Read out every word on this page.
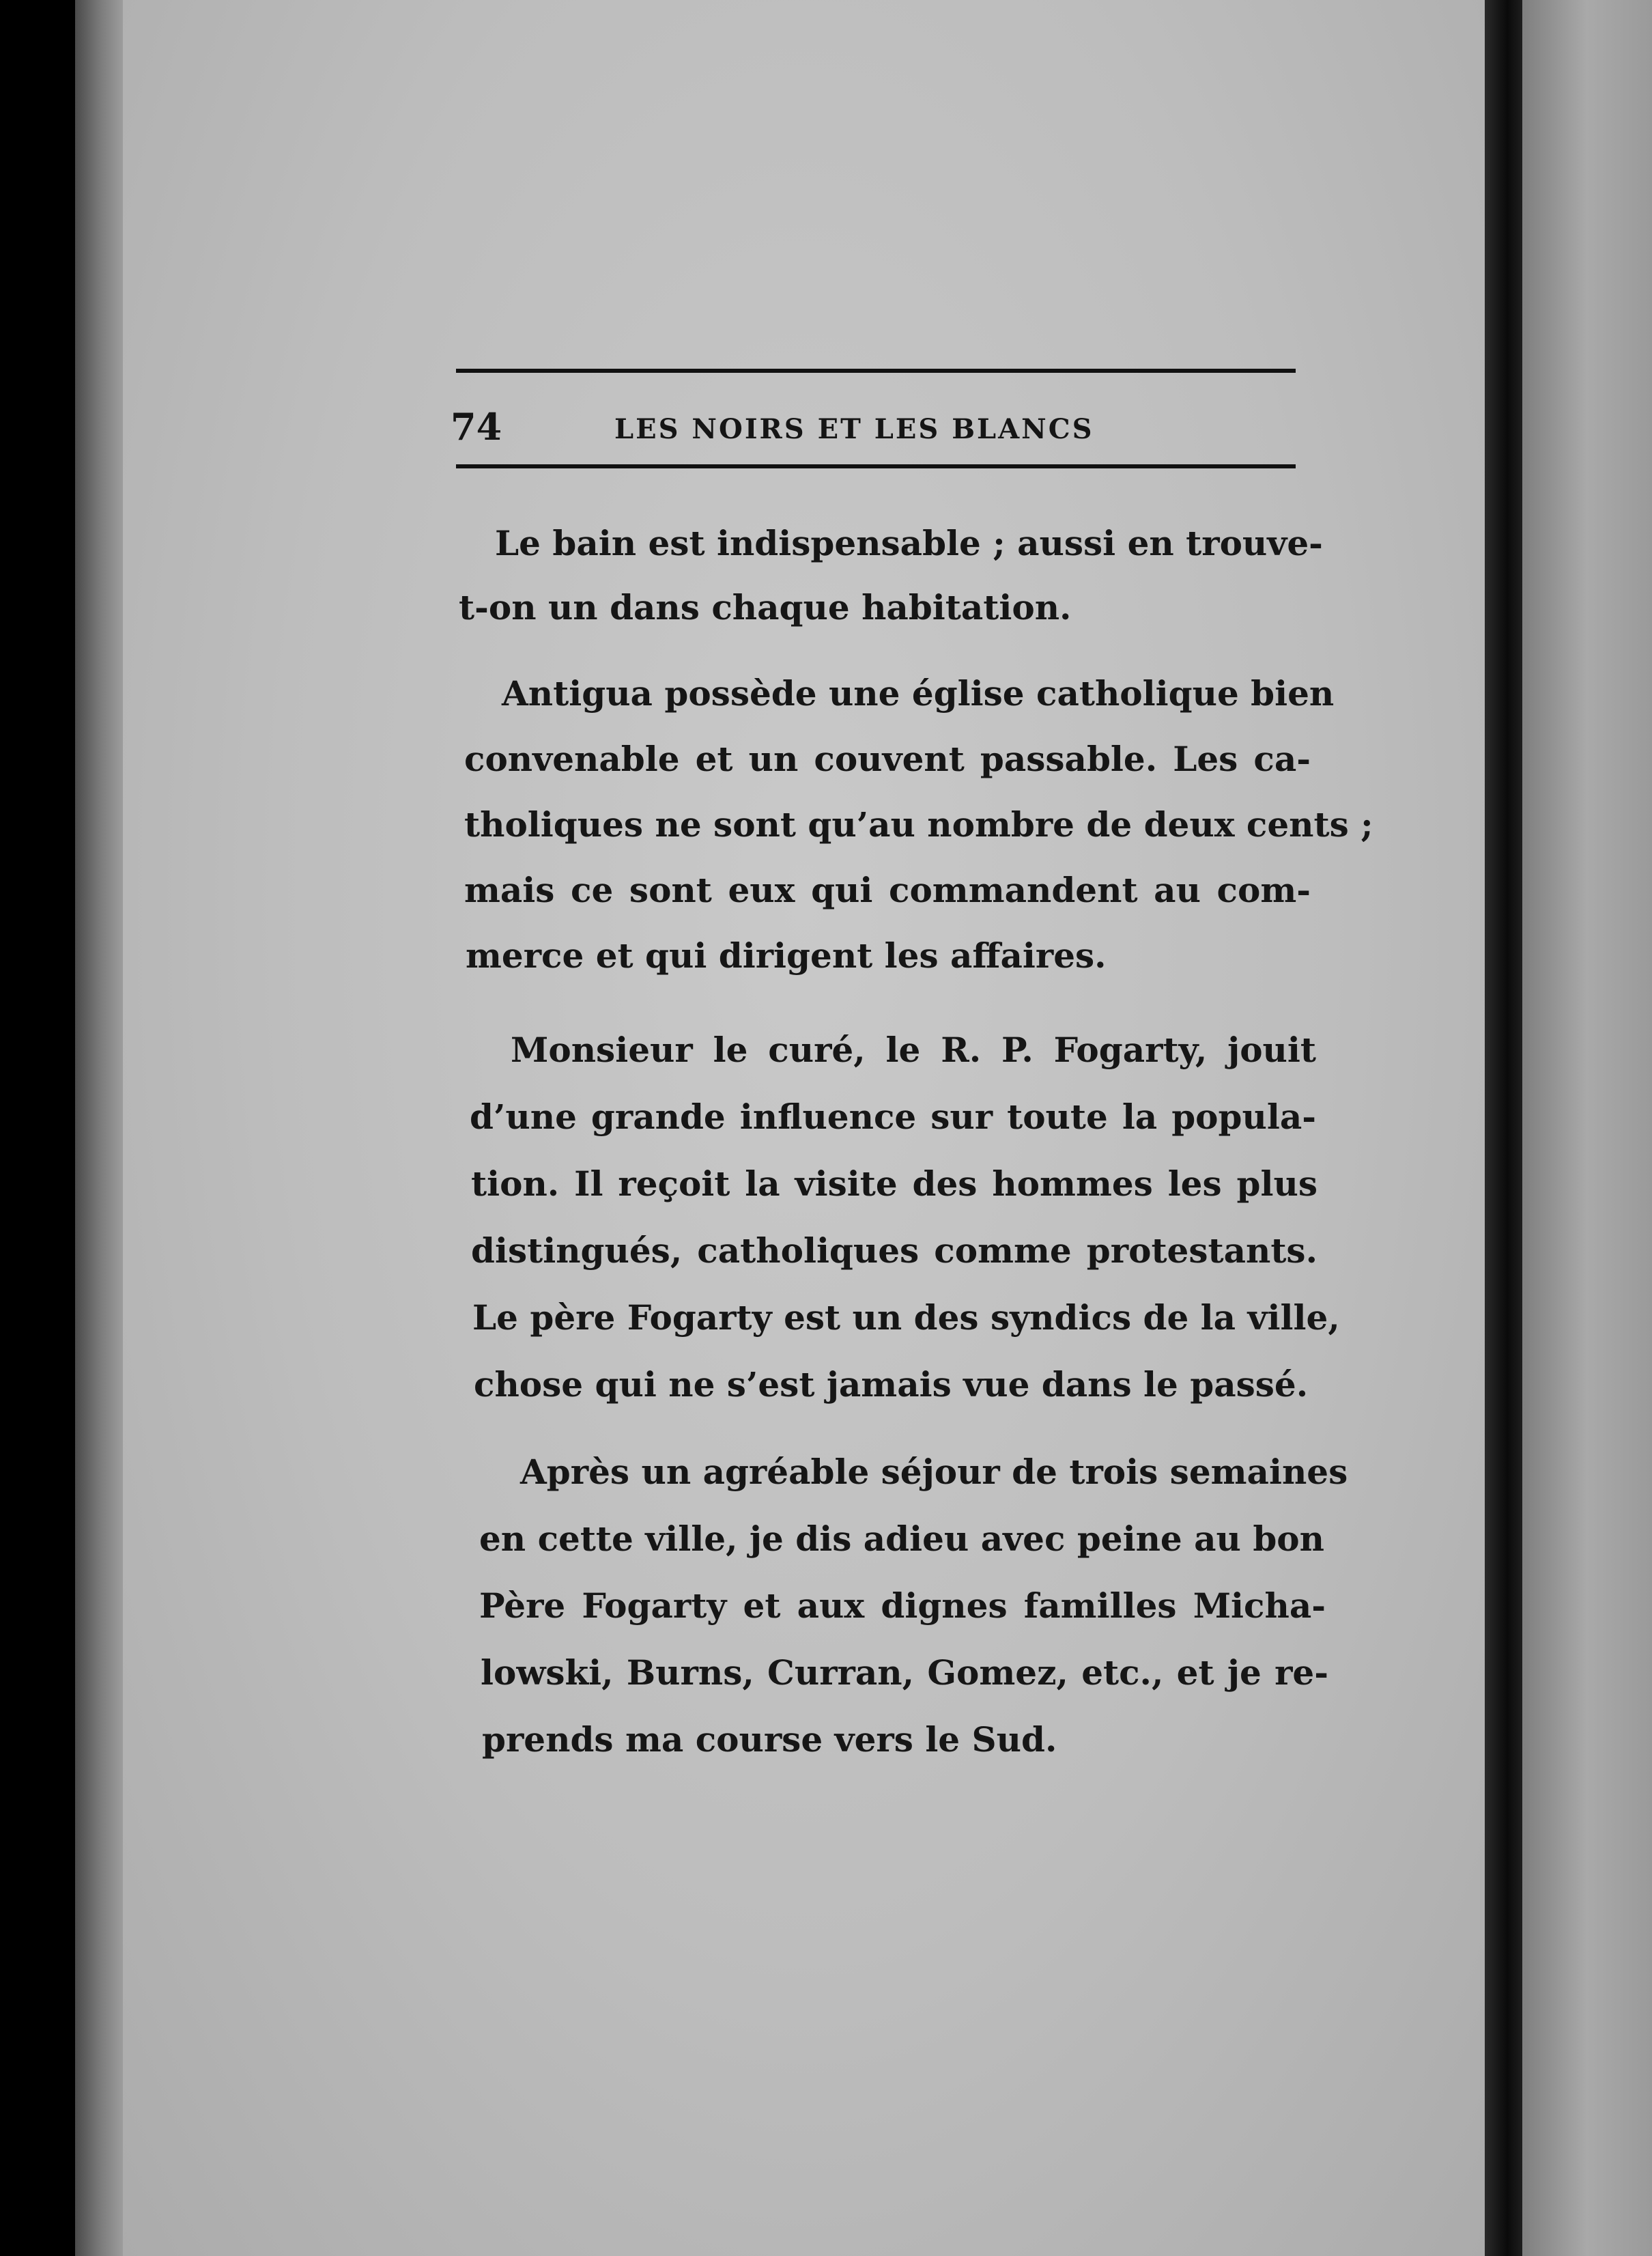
74	LES NOIRS ET LES BLANCS
Le bain est indispensable ; aussi en trouve-
t-on un dans chaque habitation.
Antigua possède une église catholique bien
convenable et un couvent passable. Les ca-
tholiques ne sont qu’au nombre de deux cents ;
mais ce sont eux qui commandent au com-
merce et qui dirigent les affaires.
Monsieur le curé, le R. P. Fogarty, jouit
d’une grande influence sur toute la popula-
tion. Il reçoit la visite des hommes les plus
distingués, catholiques comme protestants.
Le père Fogarty est un des syndics de la ville,
chose qui ne s’est jamais vue dans le passé.
Après un agréable séjour de trois semaines
en cette ville, je dis adieu avec peine au bon
Père Fogarty et aux dignes familles Micha-
lowski, Burns, Curran, Gomez, etc., et je re-
prends ma course vers le Sud.
